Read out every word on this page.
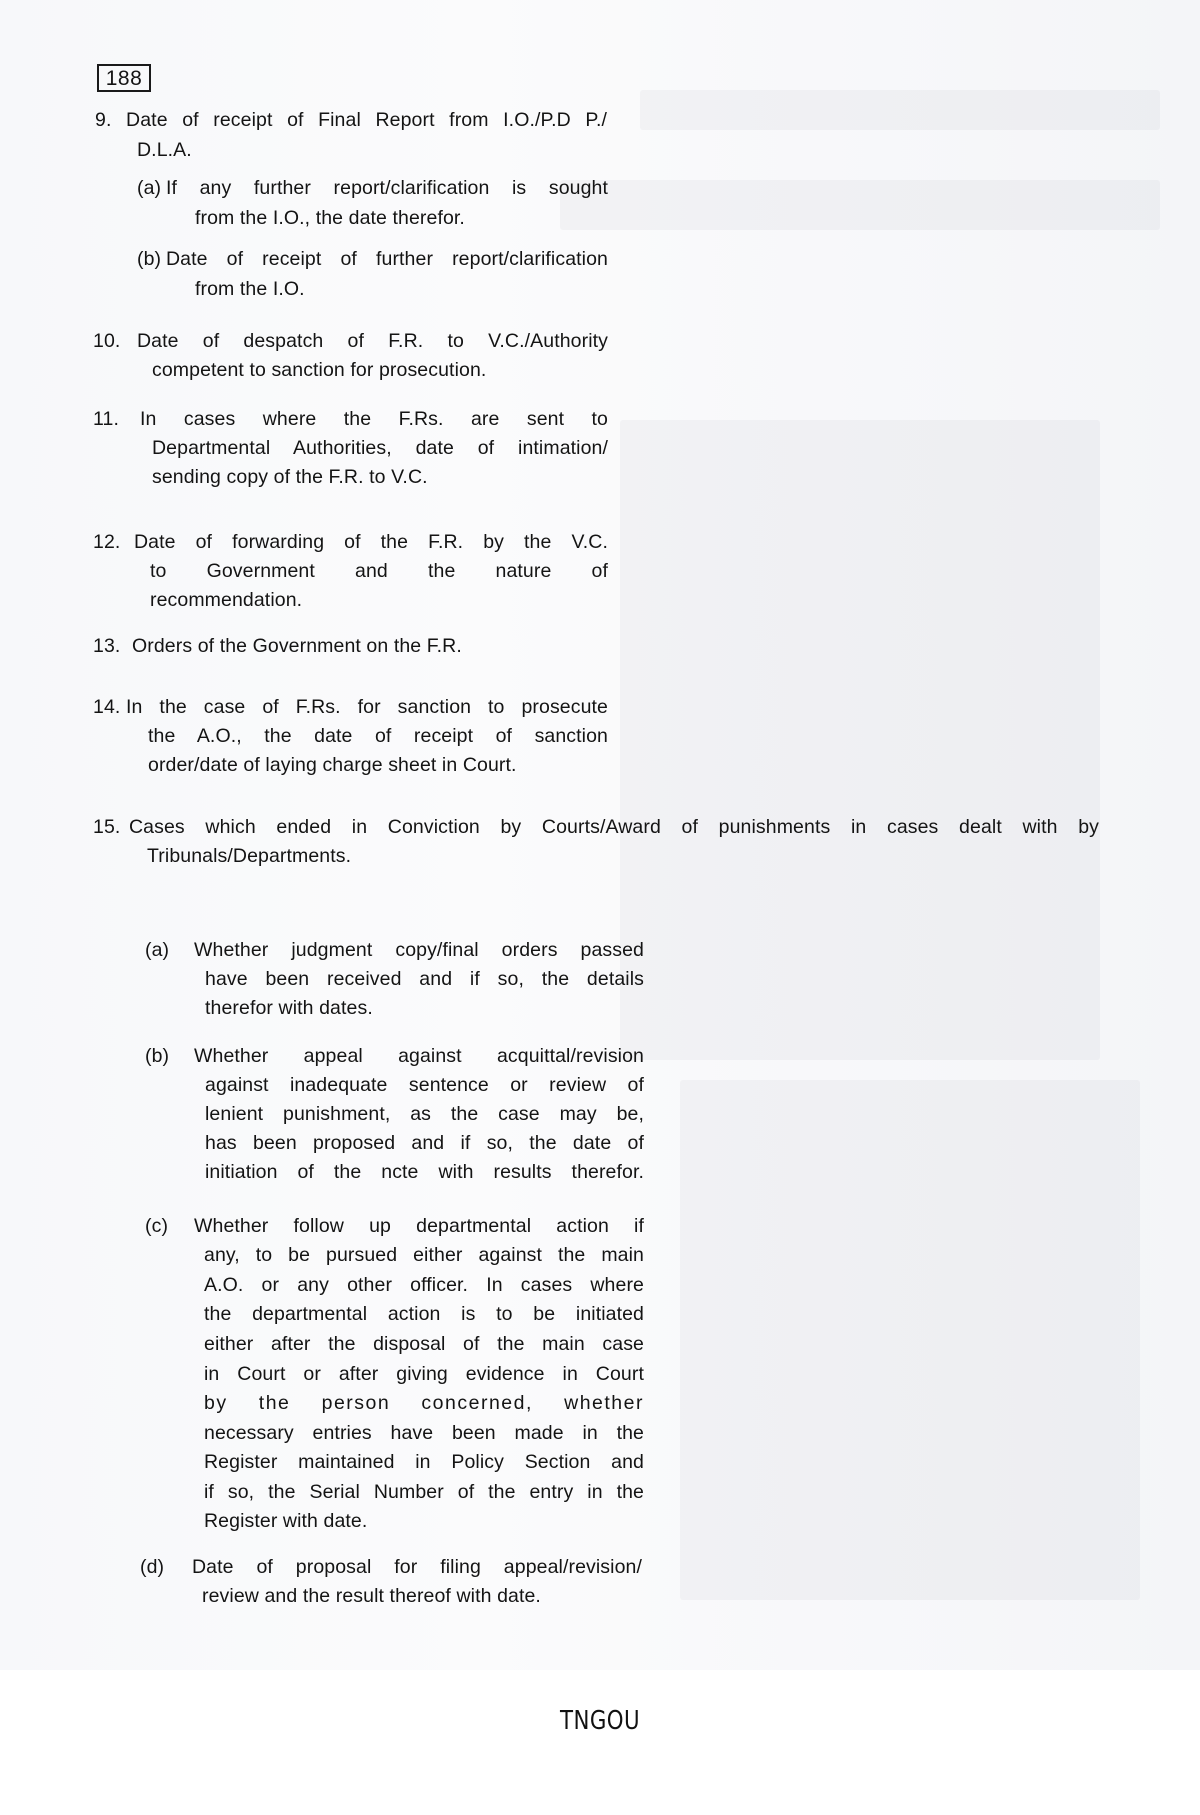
188
9. Date of receipt of Final Report from I.O./P.D P./
D.L.A.
(a) If any further report/clarification is sought
from the I.O., the date therefor.
(b) Date of receipt of further report/clarification
from the I.O.
10. Date of despatch of F.R. to V.C./Authority
competent to sanction for prosecution.
11. In cases where the F.Rs. are sent to
Departmental Authorities, date of intimation/
sending copy of the F.R. to V.C.
12. Date of forwarding of the F.R. by the V.C.
to Government and the nature of
recommendation.
13. Orders of the Government on the F.R.
14. In the case of F.Rs. for sanction to prosecute
the A.O., the date of receipt of sanction
order/date of laying charge sheet in Court.
15. Cases which ended in Conviction by Courts/Award of punishments in cases dealt with by
Tribunals/Departments.
(a) Whether judgment copy/final orders passed
have been received and if so, the details
therefor with dates.
(b) Whether appeal against acquittal/revision
against inadequate sentence or review of
lenient punishment, as the case may be,
has been proposed and if so, the date of
initiation of the ncte with results therefor.
(c) Whether follow up departmental action if
any, to be pursued either against the main
A.O. or any other officer. In cases where
the departmental action is to be initiated
either after the disposal of the main case
in Court or after giving evidence in Court
by the person concerned, whether
necessary entries have been made in the
Register maintained in Policy Section and
if so, the Serial Number of the entry in the
Register with date.
(d) Date of proposal for filing appeal/revision/
review and the result thereof with date.
TNGOU
